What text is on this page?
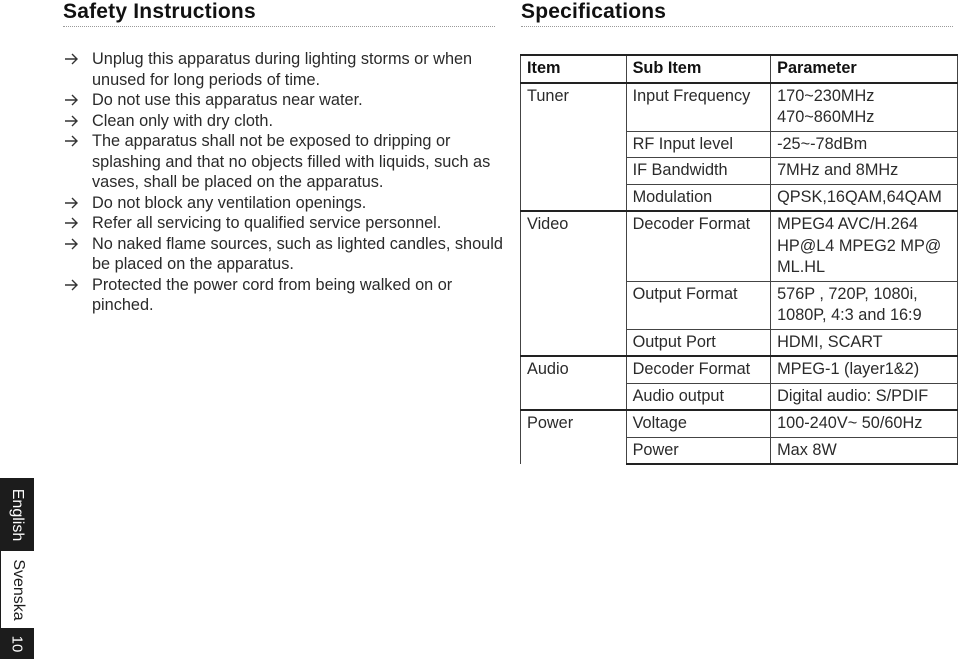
Safety Instructions	Specifications
Unplug this apparatus during lighting storms or when unused for long periods of time.
Do not use this apparatus near water.
Clean only with dry cloth.
The apparatus shall not be exposed to dripping or splashing and that no objects filled with liquids, such as vases, shall be placed on the apparatus.
Do not block any ventilation openings.
Refer all servicing to qualified service personnel.
No naked flame sources, such as lighted candles, should be placed on the apparatus.
Protected the power cord from being walked on or pinched.
Item	Sub Item	Parameter
Tuner	Input Frequency	170~230MHz
470~860MHz
	RF Input level	-25~-78dBm
	IF Bandwidth	7MHz and 8MHz
	Modulation	QPSK,16QAM,64QAM
Video	Decoder Format	MPEG4 AVC/H.264 HP@L4 MPEG2 MP@ ML.HL
	Output Format	576P , 720P, 1080i, 1080P, 4:3 and 16:9
	Output Port	HDMI, SCART
Audio	Decoder Format	MPEG-1 (layer1&2)
	Audio output	Digital audio: S/PDIF
Power	Voltage	100-240V~ 50/60Hz
	Power	Max 8W
English
Svenska
10
